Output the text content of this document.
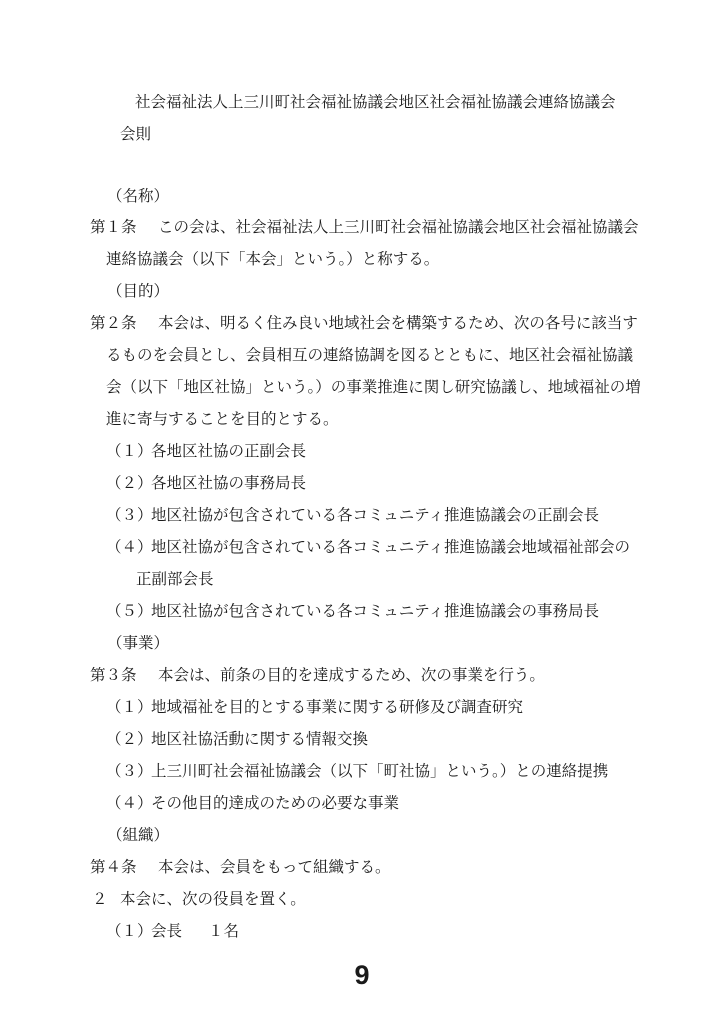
社会福祉法人上三川町社会福祉協議会地区社会福祉協議会連絡協議会
会則
（名称）
第１条 この会は、社会福祉法人上三川町社会福祉協議会地区社会福祉協議会
連絡協議会（以下「本会」という。）と称する。
（目的）
第２条 本会は、明るく住み良い地域社会を構築するため、次の各号に該当す
るものを会員とし、会員相互の連絡協調を図るとともに、地区社会福祉協議
会（以下「地区社協」という。）の事業推進に関し研究協議し、地域福祉の増
進に寄与することを目的とする。
（１）
各地区社協の正副会長
（２）
各地区社協の事務局長
（３）
地区社協が包含されている各コミュニティ推進協議会の正副会長
（４）
地区社協が包含されている各コミュニティ推進協議会地域福祉部会の
正副部会長
（５）
地区社協が包含されている各コミュニティ推進協議会の事務局長
（事業）
第３条 本会は、前条の目的を達成するため、次の事業を行う。
（１）
地域福祉を目的とする事業に関する研修及び調査研究
（２）
地区社協活動に関する情報交換
（３）
上三川町社会福祉協議会（以下「町社協」という。）との連絡提携
（４）
その他目的達成のための必要な事業
（組織）
第４条 本会は、会員をもって組織する。
２ 本会に、次の役員を置く。
（１）
会長 １名
9
